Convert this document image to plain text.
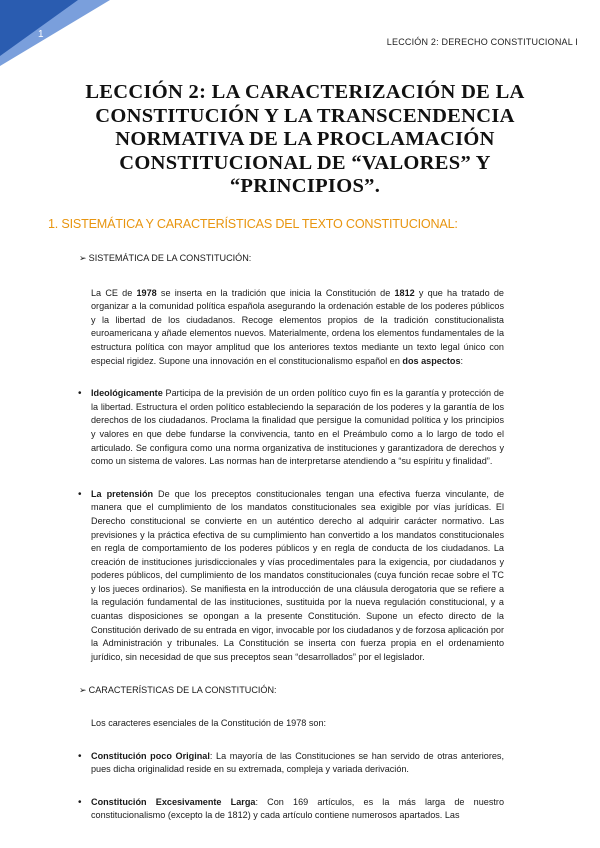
1
LECCIÓN 2: DERECHO CONSTITUCIONAL I
LECCIÓN 2: LA CARACTERIZACIÓN DE LA CONSTITUCIÓN Y LA TRANSCENDENCIA NORMATIVA DE LA PROCLAMACIÓN CONSTITUCIONAL DE “VALORES” Y “PRINCIPIOS”.
1. SISTEMÁTICA Y CARACTERÍSTICAS DEL TEXTO CONSTITUCIONAL:
➢ SISTEMÁTICA DE LA CONSTITUCIÓN:

La CE de 1978 se inserta en la tradición que inicia la Constitución de 1812 y que ha tratado de organizar a la comunidad política española asegurando la ordenación estable de los poderes públicos y la libertad de los ciudadanos. Recoge elementos propios de la tradición constitucionalista euroamericana y añade elementos nuevos. Materialmente, ordena los elementos fundamentales de la estructura política con mayor amplitud que los anteriores textos mediante un texto legal único con especial rigidez. Supone una innovación en el constitucionalismo español en dos aspectos:

• Ideológicamente Participa de la previsión de un orden político cuyo fin es la garantía y protección de la libertad. Estructura el orden político estableciendo la separación de los poderes y la garantía de los derechos de los ciudadanos. Proclama la finalidad que persigue la comunidad política y los principios y valores en que debe fundarse la convivencia, tanto en el Preámbulo como a lo largo de todo el articulado. Se configura como una norma organizativa de instituciones y garantizadora de derechos y como un sistema de valores. Las normas han de interpretarse atendiendo a “su espíritu y finalidad”.
• La pretensión De que los preceptos constitucionales tengan una efectiva fuerza vinculante, de manera que el cumplimiento de los mandatos constitucionales sea exigible por vías jurídicas. El Derecho constitucional se convierte en un auténtico derecho al adquirir carácter normativo. Las previsiones y la práctica efectiva de su cumplimiento han convertido a los mandatos constitucionales en regla de comportamiento de los poderes públicos y en regla de conducta de los ciudadanos. La creación de instituciones jurisdiccionales y vías procedimentales para la exigencia, por ciudadanos y poderes públicos, del cumplimiento de los mandatos constitucionales (cuya función recae sobre el TC y los jueces ordinarios). Se manifiesta en la introducción de una cláusula derogatoria que se refiere a la regulación fundamental de las instituciones, sustituida por la nueva regulación constitucional, y a cuantas disposiciones se opongan a la presente Constitución. Supone un efecto directo de la Constitución derivado de su entrada en vigor, invocable por los ciudadanos y de forzosa aplicación por la Administración y tribunales. La Constitución se inserta con fuerza propia en el ordenamiento jurídico, sin necesidad de que sus preceptos sean “desarrollados” por el legislador.
➢ CARACTERÍSTICAS DE LA CONSTITUCIÓN:

Los caracteres esenciales de la Constitución de 1978 son:

• Constitución poco Original: La mayoría de las Constituciones se han servido de otras anteriores, pues dicha originalidad reside en su extremada, compleja y variada derivación.
• Constitución Excesivamente Larga: Con 169 artículos, es la más larga de nuestro constitucionalismo (excepto la de 1812) y cada artículo contiene numerosos apartados. Las
